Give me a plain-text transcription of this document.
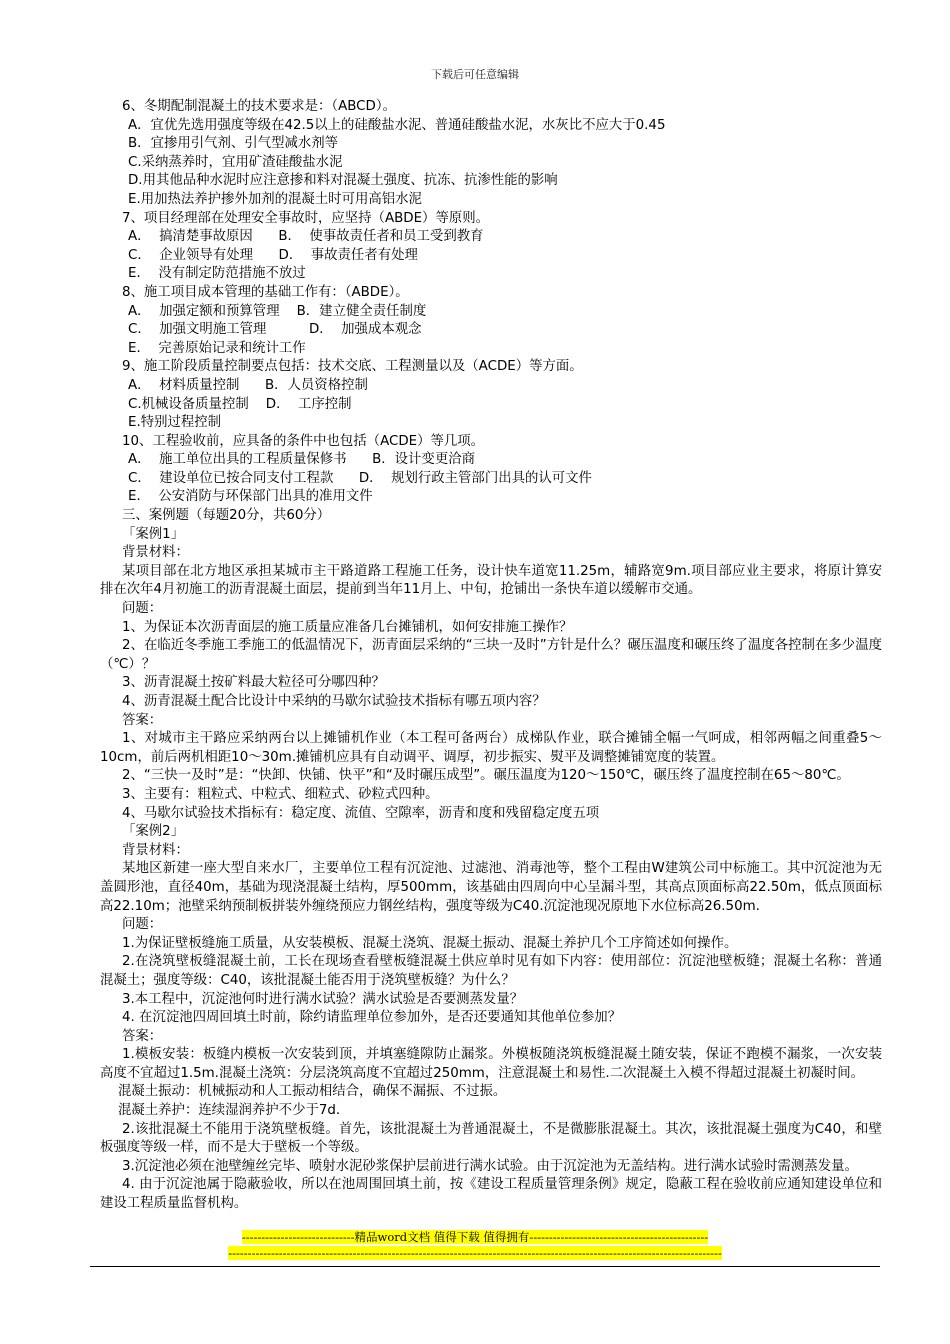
下载后可任意编辑

6、冬期配制混凝土的技术要求是：（ABCD）。

A．宜优先选用强度等级在42.5以上的硅酸盐水泥、普通硅酸盐水泥，水灰比不应大于0.45

B．宜掺用引气剂、引气型减水剂等

C.采纳蒸养时，宜用矿渣硅酸盐水泥

D.用其他品种水泥时应注意掺和料对混凝土强度、抗冻、抗渗性能的影响

E.用加热法养护掺外加剂的混凝土时可用高铝水泥

7、项目经理部在处理安全事故时，应坚持（ABDE）等原则。

A．  搞清楚事故原因      B．  使事故责任者和员工受到教育

C．  企业领导有处理      D．  事故责任者有处理

E．  没有制定防范措施不放过

8、施工项目成本管理的基础工作有：（ABDE）。

A．  加强定额和预算管理    B．建立健全责任制度

C．  加强文明施工管理          D．  加强成本观念

E．  完善原始记录和统计工作

9、施工阶段质量控制要点包括：技术交底、工程测量以及（ACDE）等方面。

A．  材料质量控制      B．人员资格控制

C.机械设备质量控制    D．  工序控制

E.特别过程控制

10、工程验收前，应具备的条件中也包括（ACDE）等几项。

A．  施工单位出具的工程质量保修书      B．设计变更洽商

C．  建设单位已按合同支付工程款      D．  规划行政主管部门出具的认可文件

E．  公安消防与环保部门出具的准用文件

三、案例题（每题20分，共60分）

「案例1」

背景材料：

某项目部在北方地区承担某城市主干路道路工程施工任务，设计快车道宽11.25m，辅路宽9m.项目部应业主要求，将原计算安排在次年4月初施工的沥青混凝土面层，提前到当年11月上、中旬，抢铺出一条快车道以缓解市交通。

问题：

1、为保证本次沥青面层的施工质量应准备几台摊铺机，如何安排施工操作？

2、在临近冬季施工季施工的低温情况下，沥青面层采纳的“三块一及时”方针是什么？碾压温度和碾压终了温度各控制在多少温度（℃）？

3、沥青混凝土按矿料最大粒径可分哪四种？

4、沥青混凝土配合比设计中采纳的马歇尔试验技术指标有哪五项内容？

答案：

1、对城市主干路应采纳两台以上摊铺机作业（本工程可备两台）成梯队作业，联合摊铺全幅一气呵成，相邻两幅之间重叠5～10cm，前后两机相距10～30m.摊铺机应具有自动调平、调厚，初步振实、熨平及调整摊铺宽度的装置。

2、“三快一及时”是：“快卸、快铺、快平”和“及时碾压成型”。碾压温度为120～150℃，碾压终了温度控制在65～80℃。

3、主要有：粗粒式、中粒式、细粒式、砂粒式四种。

4、马歇尔试验技术指标有：稳定度、流值、空隙率，沥青和度和残留稳定度五项

「案例2」

背景材料：

某地区新建一座大型自来水厂，主要单位工程有沉淀池、过滤池、消毒池等，整个工程由W建筑公司中标施工。其中沉淀池为无盖圆形池，直径40m，基础为现浇混凝土结构，厚500mm，该基础由四周向中心呈漏斗型，其高点顶面标高22.50m，低点顶面标高22.10m；池壁采纳预制板拼装外缠绕预应力钢丝结构，强度等级为C40.沉淀池现况原地下水位标高26.50m.

问题：

1.为保证壁板缝施工质量，从安装模板、混凝土浇筑、混凝土振动、混凝土养护几个工序简述如何操作。

2.在浇筑壁板缝混凝土前，工长在现场查看壁板缝混凝土供应单时见有如下内容：使用部位：沉淀池壁板缝；混凝土名称：普通混凝土；强度等级：C40，该批混凝土能否用于浇筑壁板缝？为什么？

3.本工程中，沉淀池何时进行满水试验？满水试验是否要测蒸发量？

4. 在沉淀池四周回填土时前，除约请监理单位参加外，是否还要通知其他单位参加？

答案：

1.模板安装：板缝内模板一次安装到顶，并填塞缝隙防止漏浆。外模板随浇筑板缝混凝土随安装，保证不跑模不漏浆，一次安装高度不宜超过1.5m.混凝土浇筑：分层浇筑高度不宜超过250mm，注意混凝土和易性.二次混凝土入模不得超过混凝土初凝时间。

混凝土振动：机械振动和人工振动相结合，确保不漏振、不过振。

混凝土养护：连续湿润养护不少于7d.

2.该批混凝土不能用于浇筑壁板缝。首先，该批混凝土为普通混凝土，不是微膨胀混凝土。其次，该批混凝土强度为C40，和壁板强度等级一样，而不是大于壁板一个等级。

3.沉淀池必须在池壁缠丝完毕、喷射水泥砂浆保护层前进行满水试验。由于沉淀池为无盖结构。进行满水试验时需测蒸发量。

4. 由于沉淀池属于隐蔽验收，所以在池周围回填土前，按《建设工程质量管理条例》规定，隐蔽工程在验收前应通知建设单位和建设工程质量监督机构。

-----------------------------精品word文档 值得下载 值得拥有----------------------------------------------
-------------------------------------------------------------------------------------------------------------------------------
